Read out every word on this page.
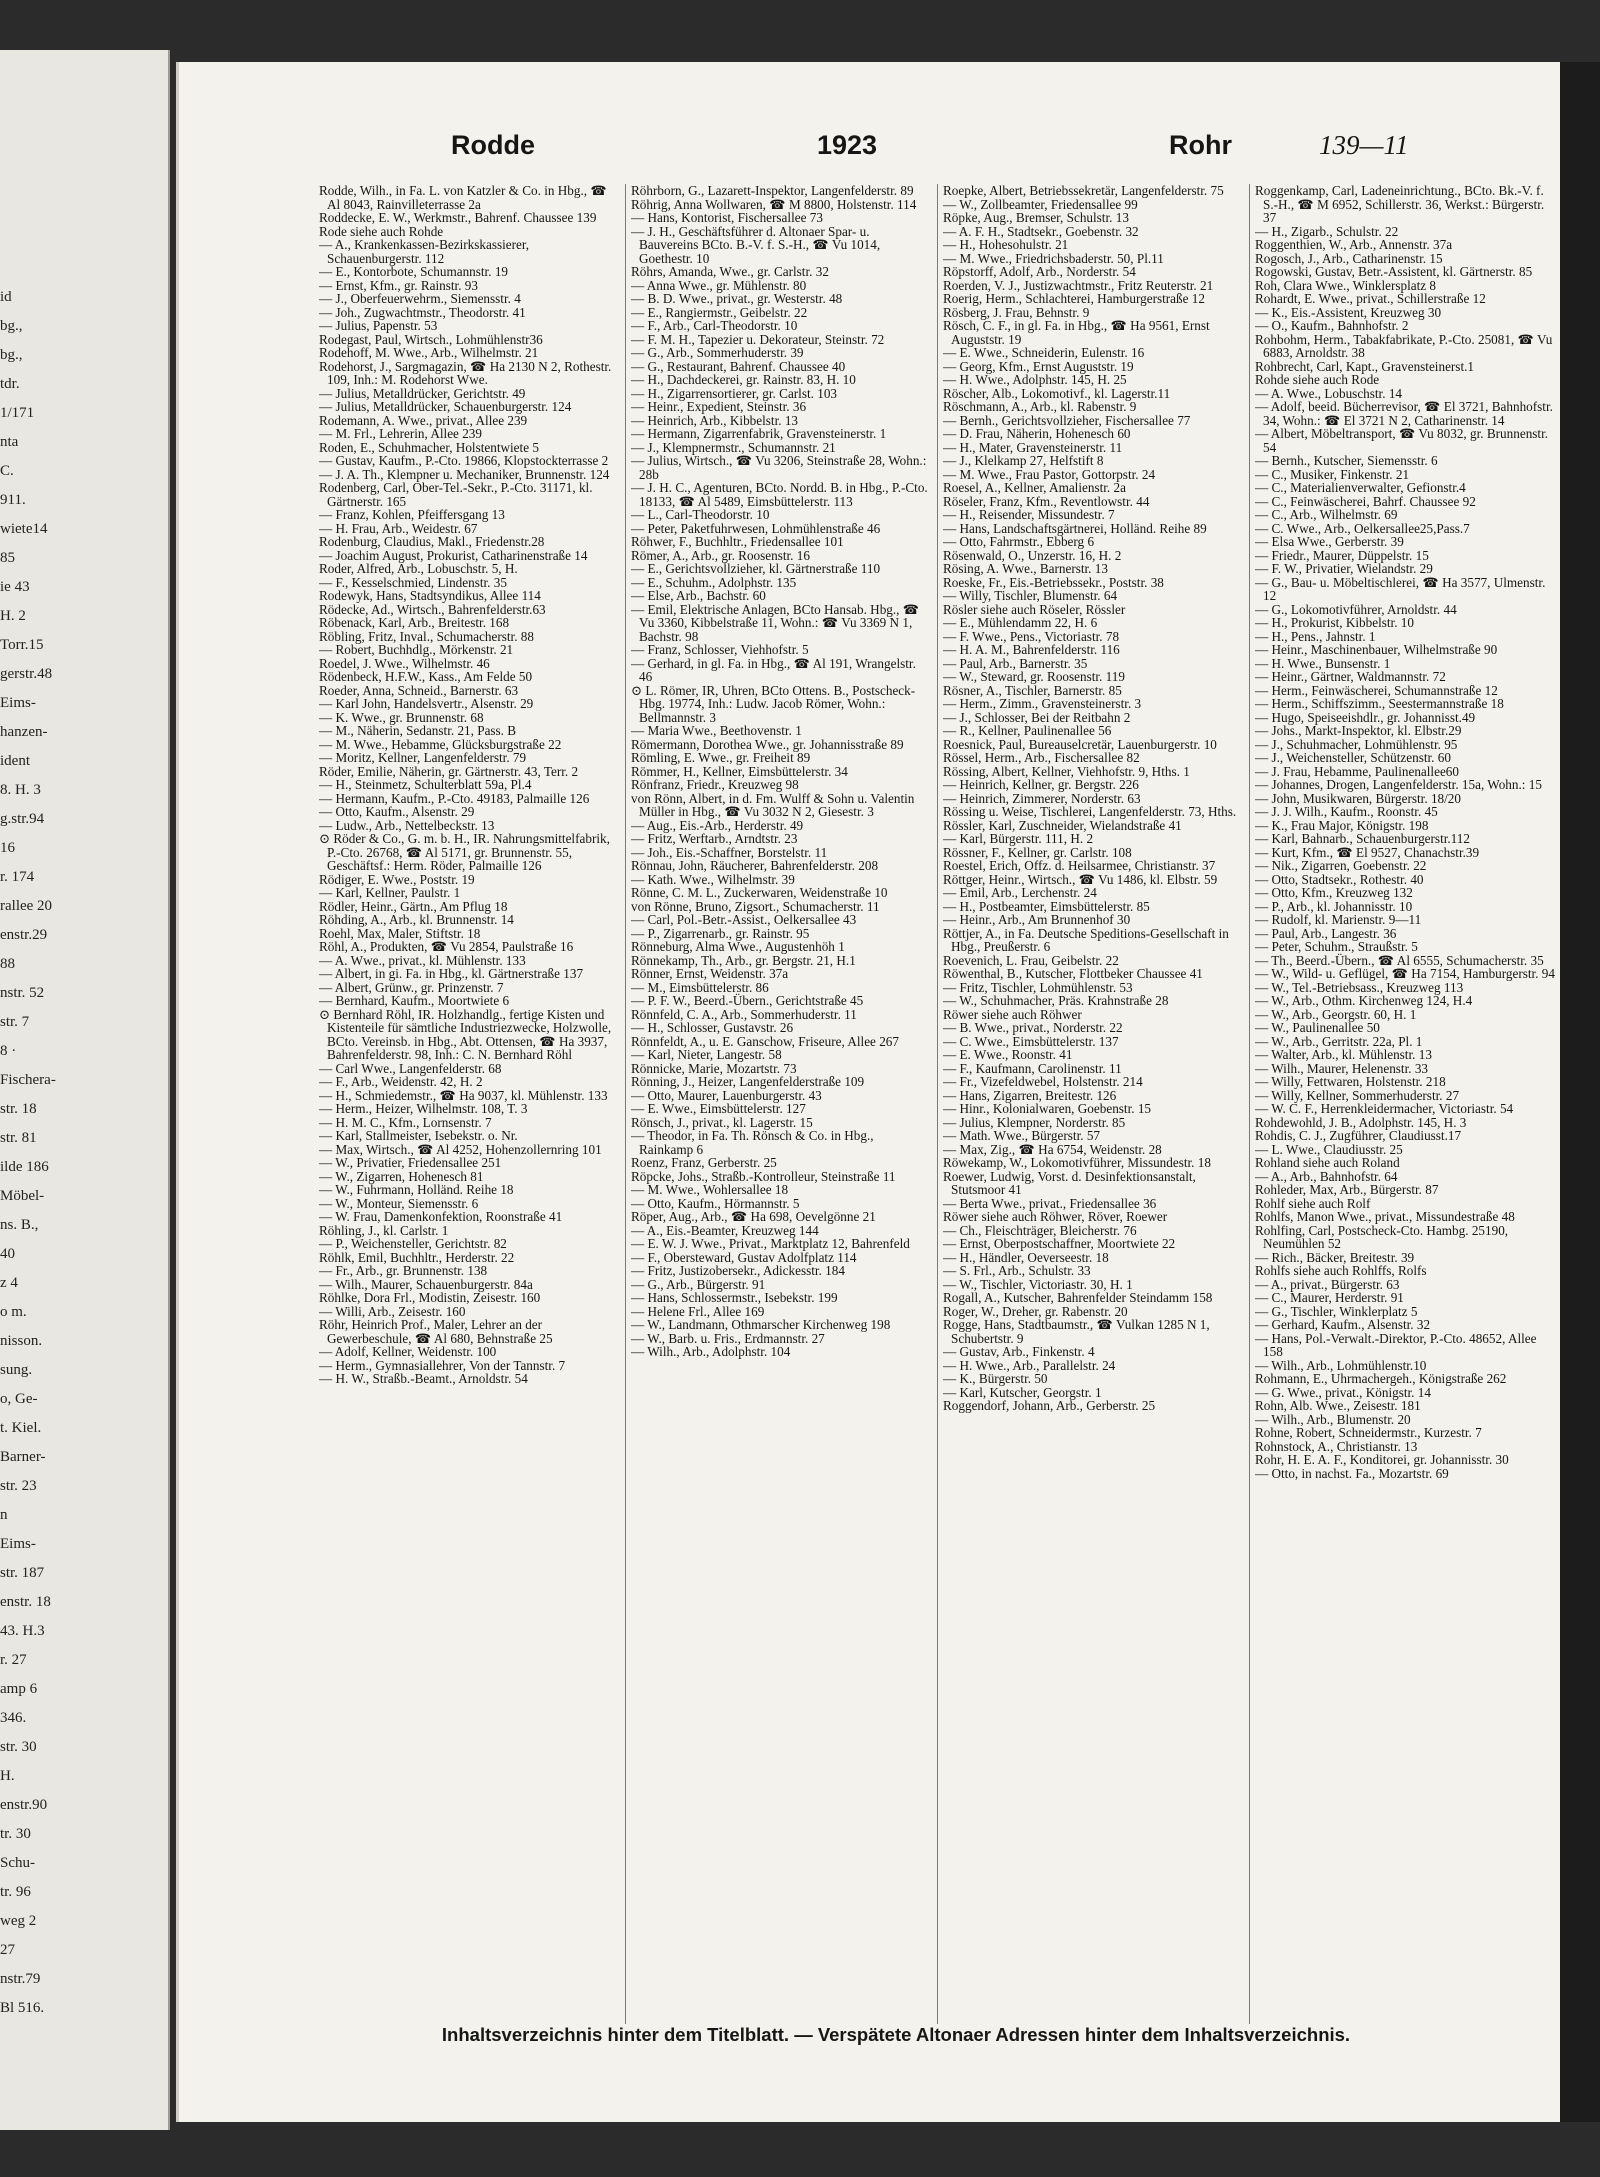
id
bg.,
bg.,
tdr.
1/171
nta
C.
911.
wiete14
85
ie 43
H. 2
Torr.15
gerstr.48
Eims-
hanzen-
ident
8. H. 3
g.str.94
16
r. 174
rallee 20
enstr.29
88
nstr. 52
str. 7
8 ·
Fischera-
str. 18
str. 81
ilde 186
Möbel-
ns. B.,
40
z 4
o m.
nisson.
sung.
o, Ge-
t. Kiel.
Barner-
str. 23
n
Eims-
str. 187
enstr. 18
43. H.3
r. 27
amp 6
346.
str. 30
H.
enstr.90
tr. 30
Schu-
tr. 96
weg 2
27
nstr.79
Bl 516.
Rodde	1923	Rohr	139—11

Rodde, Wilh., in Fa. L. von Katzler & Co. in Hbg., ☎ Al 8043, Rainvilleterrasse 2a

Roddecke, E. W., Werkmstr., Bahrenf. Chaussee 139

Rode siehe auch Rohde

— A., Krankenkassen-Bezirkskassierer, Schauenburgerstr. 112

— E., Kontorbote, Schumannstr. 19

— Ernst, Kfm., gr. Rainstr. 93

— J., Oberfeuerwehrm., Siemensstr. 4

— Joh., Zugwachtmstr., Theodorstr. 41

— Julius, Papenstr. 53

Rodegast, Paul, Wirtsch., Lohmühlenstr36

Rodehoff, M. Wwe., Arb., Wilhelmstr. 21

Rodehorst, J., Sargmagazin, ☎ Ha 2130 N 2, Rothestr. 109, Inh.: M. Rodehorst Wwe.

— Julius, Metalldrücker, Gerichtstr. 49

— Julius, Metalldrücker, Schauenburgerstr. 124

Rodemann, A. Wwe., privat., Allee 239

— M. Frl., Lehrerin, Allee 239

Roden, E., Schuhmacher, Holstentwiete 5

— Gustav, Kaufm., P.-Cto. 19866, Klopstockterrasse 2

— J. A. Th., Klempner u. Mechaniker, Brunnenstr. 124

Rodenberg, Carl, Ober-Tel.-Sekr., P.-Cto. 31171, kl. Gärtnerstr. 165

— Franz, Kohlen, Pfeiffersgang 13

— H. Frau, Arb., Weidestr. 67

Rodenburg, Claudius, Makl., Friedenstr.28

— Joachim August, Prokurist, Catharinenstraße 14

Roder, Alfred, Arb., Lobuschstr. 5, H.

— F., Kesselschmied, Lindenstr. 35

Rodewyk, Hans, Stadtsyndikus, Allee 114

Rödecke, Ad., Wirtsch., Bahrenfelderstr.63

Röbenack, Karl, Arb., Breitestr. 168

Röbling, Fritz, Inval., Schumacherstr. 88

— Robert, Buchhdlg., Mörkenstr. 21

Roedel, J. Wwe., Wilhelmstr. 46

Rödenbeck, H.F.W., Kass., Am Felde 50

Roeder, Anna, Schneid., Barnerstr. 63

— Karl John, Handelsvertr., Alsenstr. 29

— K. Wwe., gr. Brunnenstr. 68

— M., Näherin, Sedanstr. 21, Pass. B

— M. Wwe., Hebamme, Glücksburgstraße 22

— Moritz, Kellner, Langenfelderstr. 79

Röder, Emilie, Näherin, gr. Gärtnerstr. 43, Terr. 2

— H., Steinmetz, Schulterblatt 59a, Pl.4

— Hermann, Kaufm., P.-Cto. 49183, Palmaille 126

— Otto, Kaufm., Alsenstr. 29

— Ludw., Arb., Nettelbeckstr. 13

⊙ Röder & Co., G. m. b. H., IR. Nahrungsmittelfabrik, P.-Cto. 26768, ☎ Al 5171, gr. Brunnenstr. 55, Geschäftsf.: Herm. Röder, Palmaille 126

Rödiger, E. Wwe., Poststr. 19

— Karl, Kellner, Paulstr. 1

Rödler, Heinr., Gärtn., Am Pflug 18

Röhding, A., Arb., kl. Brunnenstr. 14

Roehl, Max, Maler, Stiftstr. 18

Röhl, A., Produkten, ☎ Vu 2854, Paulstraße 16

— A. Wwe., privat., kl. Mühlenstr. 133

— Albert, in gi. Fa. in Hbg., kl. Gärtnerstraße 137

— Albert, Grünw., gr. Prinzenstr. 7

— Bernhard, Kaufm., Moortwiete 6

⊙ Bernhard Röhl, IR. Holzhandlg., fertige Kisten und Kistenteile für sämtliche Industriezwecke, Holzwolle, BCto. Vereinsb. in Hbg., Abt. Ottensen, ☎ Ha 3937, Bahrenfelderstr. 98, Inh.: C. N. Bernhard Röhl

— Carl Wwe., Langenfelderstr. 68

— F., Arb., Weidenstr. 42, H. 2

— H., Schmiedemstr., ☎ Ha 9037, kl. Mühlenstr. 133

— Herm., Heizer, Wilhelmstr. 108, T. 3

— H. M. C., Kfm., Lornsenstr. 7

— Karl, Stallmeister, Isebekstr. o. Nr.

— Max, Wirtsch., ☎ Al 4252, Hohenzollernring 101

— W., Privatier, Friedensallee 251

— W., Zigarren, Hohenesch 81

— W., Fuhrmann, Holländ. Reihe 18

— W., Monteur, Siemensstr. 6

— W. Frau, Damenkonfektion, Roonstraße 41

Röhling, J., kl. Carlstr. 1

— P., Weichensteller, Gerichtstr. 82

Röhlk, Emil, Buchhltr., Herderstr. 22

— Fr., Arb., gr. Brunnenstr. 138

— Wilh., Maurer, Schauenburgerstr. 84a

Röhlke, Dora Frl., Modistin, Zeisestr. 160

— Willi, Arb., Zeisestr. 160

Röhr, Heinrich Prof., Maler, Lehrer an der Gewerbeschule, ☎ Al 680, Behnstraße 25

— Adolf, Kellner, Weidenstr. 100

— Herm., Gymnasiallehrer, Von der Tannstr. 7

— H. W., Straßb.-Beamt., Arnoldstr. 54

Röhrborn, G., Lazarett-Inspektor, Langenfelderstr. 89

Röhrig, Anna Wollwaren, ☎ M 8800, Holstenstr. 114

— Hans, Kontorist, Fischersallee 73

— J. H., Geschäftsführer d. Altonaer Spar- u. Bauvereins BCto. B.-V. f. S.-H., ☎ Vu 1014, Goethestr. 10

Röhrs, Amanda, Wwe., gr. Carlstr. 32

— Anna Wwe., gr. Mühlenstr. 80

— B. D. Wwe., privat., gr. Westerstr. 48

— E., Rangiermstr., Geibelstr. 22

— F., Arb., Carl-Theodorstr. 10

— F. M. H., Tapezier u. Dekorateur, Steinstr. 72

— G., Arb., Sommerhuderstr. 39

— G., Restaurant, Bahrenf. Chaussee 40

— H., Dachdeckerei, gr. Rainstr. 83, H. 10

— H., Zigarrensortierer, gr. Carlst. 103

— Heinr., Expedient, Steinstr. 36

— Heinrich, Arb., Kibbelstr. 13

— Hermann, Zigarrenfabrik, Gravensteinerstr. 1

— J., Klempnermstr., Schumannstr. 21

— Julius, Wirtsch., ☎ Vu 3206, Steinstraße 28, Wohn.: 28b

— J. H. C., Agenturen, BCto. Nordd. B. in Hbg., P.-Cto. 18133, ☎ Al 5489, Eimsbüttelerstr. 113

— L., Carl-Theodorstr. 10

— Peter, Paketfuhrwesen, Lohmühlenstraße 46

Röhwer, F., Buchhltr., Friedensallee 101

Römer, A., Arb., gr. Roosenstr. 16

— E., Gerichtsvollzieher, kl. Gärtnerstraße 110

— E., Schuhm., Adolphstr. 135

— Else, Arb., Bachstr. 60

— Emil, Elektrische Anlagen, BCto Hansab. Hbg., ☎ Vu 3360, Kibbelstraße 11, Wohn.: ☎ Vu 3369 N 1, Bachstr. 98

— Franz, Schlosser, Viehhofstr. 5

— Gerhard, in gl. Fa. in Hbg., ☎ Al 191, Wrangelstr. 46

⊙ L. Römer, IR, Uhren, BCto Ottens. B., Postscheck-Hbg. 19774, Inh.: Ludw. Jacob Römer, Wohn.: Bellmannstr. 3

— Maria Wwe., Beethovenstr. 1

Römermann, Dorothea Wwe., gr. Johannisstraße 89

Römling, E. Wwe., gr. Freiheit 89

Römmer, H., Kellner, Eimsbüttelerstr. 34

Rönfranz, Friedr., Kreuzweg 98

von Rönn, Albert, in d. Fm. Wulff & Sohn u. Valentin Müller in Hbg., ☎ Vu 3032 N 2, Giesestr. 3

— Aug., Eis.-Arb., Herderstr. 49

— Fritz, Werftarb., Arndtstr. 23

— Joh., Eis.-Schaffner, Borstelstr. 11

Rönnau, John, Räucherer, Bahrenfelderstr. 208

— Kath. Wwe., Wilhelmstr. 39

Rönne, C. M. L., Zuckerwaren, Weidenstraße 10

von Rönne, Bruno, Zigsort., Schumacherstr. 11

— Carl, Pol.-Betr.-Assist., Oelkersallee 43

— P., Zigarrenarb., gr. Rainstr. 95

Rönneburg, Alma Wwe., Augustenhöh 1

Rönnekamp, Th., Arb., gr. Bergstr. 21, H.1

Rönner, Ernst, Weidenstr. 37a

— M., Eimsbüttelerstr. 86

— P. F. W., Beerd.-Übern., Gerichtstraße 45

Rönnfeld, C. A., Arb., Sommerhuderstr. 11

— H., Schlosser, Gustavstr. 26

Rönnfeldt, A., u. E. Ganschow, Friseure, Allee 267

— Karl, Nieter, Langestr. 58

Rönnicke, Marie, Mozartstr. 73

Rönning, J., Heizer, Langenfelderstraße 109

— Otto, Maurer, Lauenburgerstr. 43

— E. Wwe., Eimsbüttelerstr. 127

Rönsch, J., privat., kl. Lagerstr. 15

— Theodor, in Fa. Th. Rönsch & Co. in Hbg., Rainkamp 6

Roenz, Franz, Gerberstr. 25

Röpcke, Johs., Straßb.-Kontrolleur, Steinstraße 11

— M. Wwe., Wohlersallee 18

— Otto, Kaufm., Hörmannstr. 5

Röper, Aug., Arb., ☎ Ha 698, Oevelgönne 21

— A., Eis.-Beamter, Kreuzweg 144

— E. W. J. Wwe., Privat., Marktplatz 12, Bahrenfeld

— F., Obersteward, Gustav Adolfplatz 114

— Fritz, Justizobersekr., Adickesstr. 184

— G., Arb., Bürgerstr. 91

— Hans, Schlossermstr., Isebekstr. 199

— Helene Frl., Allee 169

— W., Landmann, Othmarscher Kirchenweg 198

— W., Barb. u. Fris., Erdmannstr. 27

— Wilh., Arb., Adolphstr. 104

Roepke, Albert, Betriebssekretär, Langenfelderstr. 75

— W., Zollbeamter, Friedensallee 99

Röpke, Aug., Bremser, Schulstr. 13

— A. F. H., Stadtsekr., Goebenstr. 32

— H., Hohesohulstr. 21

— M. Wwe., Friedrichsbaderstr. 50, Pl.11

Röpstorff, Adolf, Arb., Norderstr. 54

Roerden, V. J., Justizwachtmstr., Fritz Reuterstr. 21

Roerig, Herm., Schlachterei, Hamburgerstraße 12

Rösberg, J. Frau, Behnstr. 9

Rösch, C. F., in gl. Fa. in Hbg., ☎ Ha 9561, Ernst Auguststr. 19

— E. Wwe., Schneiderin, Eulenstr. 16

— Georg, Kfm., Ernst Auguststr. 19

— H. Wwe., Adolphstr. 145, H. 25

Röscher, Alb., Lokomotivf., kl. Lagerstr.11

Röschmann, A., Arb., kl. Rabenstr. 9

— Bernh., Gerichtsvollzieher, Fischersallee 77

— D. Frau, Näherin, Hohenesch 60

— H., Mater, Gravensteinerstr. 11

— J., Klelkamp 27, Helfstift 8

— M. Wwe., Frau Pastor, Gottorpstr. 24

Roesel, A., Kellner, Amalienstr. 2a

Röseler, Franz, Kfm., Reventlowstr. 44

— H., Reisender, Missundestr. 7

— Hans, Landschaftsgärtnerei, Holländ. Reihe 89

— Otto, Fahrmstr., Ebberg 6

Rösenwald, O., Unzerstr. 16, H. 2

Rösing, A. Wwe., Barnerstr. 13

Roeske, Fr., Eis.-Betriebssekr., Poststr. 38

— Willy, Tischler, Blumenstr. 64

Rösler siehe auch Röseler, Rössler

— E., Mühlendamm 22, H. 6

— F. Wwe., Pens., Victoriastr. 78

— H. A. M., Bahrenfelderstr. 116

— Paul, Arb., Barnerstr. 35

— W., Steward, gr. Roosenstr. 119

Rösner, A., Tischler, Barnerstr. 85

— Herm., Zimm., Gravensteinerstr. 3

— J., Schlosser, Bei der Reitbahn 2

— R., Kellner, Paulinenallee 56

Roesnick, Paul, Bureauselcretär, Lauenburgerstr. 10

Rössel, Herm., Arb., Fischersallee 82

Rössing, Albert, Kellner, Viehhofstr. 9, Hths. 1

— Heinrich, Kellner, gr. Bergstr. 226

— Heinrich, Zimmerer, Norderstr. 63

Rössing u. Weise, Tischlerei, Langenfelderstr. 73, Hths.

Rössler, Karl, Zuschneider, Wielandstraße 41

— Karl, Bürgerstr. 111, H. 2

Rössner, F., Kellner, gr. Carlstr. 108

Roestel, Erich, Offz. d. Heilsarmee, Christianstr. 37

Röttger, Heinr., Wirtsch., ☎ Vu 1486, kl. Elbstr. 59

— Emil, Arb., Lerchenstr. 24

— H., Postbeamter, Eimsbüttelerstr. 85

— Heinr., Arb., Am Brunnenhof 30

Röttjer, A., in Fa. Deutsche Speditions-Gesellschaft in Hbg., Preußerstr. 6

Roevenich, L. Frau, Geibelstr. 22

Röwenthal, B., Kutscher, Flottbeker Chaussee 41

— Fritz, Tischler, Lohmühlenstr. 53

— W., Schuhmacher, Präs. Krahnstraße 28

Röwer siehe auch Röhwer

— B. Wwe., privat., Norderstr. 22

— C. Wwe., Eimsbüttelerstr. 137

— E. Wwe., Roonstr. 41

— F., Kaufmann, Carolinenstr. 11

— Fr., Vizefeldwebel, Holstenstr. 214

— Hans, Zigarren, Breitestr. 126

— Hinr., Kolonialwaren, Goebenstr. 15

— Julius, Klempner, Norderstr. 85

— Math. Wwe., Bürgerstr. 57

— Max, Zig., ☎ Ha 6754, Weidenstr. 28

Röwekamp, W., Lokomotivführer, Missundestr. 18

Roewer, Ludwig, Vorst. d. Desinfektionsanstalt, Stutsmoor 41

— Berta Wwe., privat., Friedensallee 36

Röwer siehe auch Röhwer, Röver, Roewer

— Ch., Fleischträger, Bleicherstr. 76

— Ernst, Oberpostschaffner, Moortwiete 22

— H., Händler, Oeverseestr. 18

— S. Frl., Arb., Schulstr. 33

— W., Tischler, Victoriastr. 30, H. 1

Rogall, A., Kutscher, Bahrenfelder Steindamm 158

Roger, W., Dreher, gr. Rabenstr. 20

Rogge, Hans, Stadtbaumstr., ☎ Vulkan 1285 N 1, Schubertstr. 9

— Gustav, Arb., Finkenstr. 4

— H. Wwe., Arb., Parallelstr. 24

— K., Bürgerstr. 50

— Karl, Kutscher, Georgstr. 1

Roggendorf, Johann, Arb., Gerberstr. 25

Roggenkamp, Carl, Ladeneinrichtung., BCto. Bk.-V. f. S.-H., ☎ M 6952, Schillerstr. 36, Werkst.: Bürgerstr. 37

— H., Zigarb., Schulstr. 22

Roggenthien, W., Arb., Annenstr. 37a

Rogosch, J., Arb., Catharinenstr. 15

Rogowski, Gustav, Betr.-Assistent, kl. Gärtnerstr. 85

Roh, Clara Wwe., Winklersplatz 8

Rohardt, E. Wwe., privat., Schillerstraße 12

— K., Eis.-Assistent, Kreuzweg 30

— O., Kaufm., Bahnhofstr. 2

Rohbohm, Herm., Tabakfabrikate, P.-Cto. 25081, ☎ Vu 6883, Arnoldstr. 38

Rohbrecht, Carl, Kapt., Gravensteinerst.1

Rohde siehe auch Rode

— A. Wwe., Lobuschstr. 14

— Adolf, beeid. Bücherrevisor, ☎ El 3721, Bahnhofstr. 34, Wohn.: ☎ El 3721 N 2, Catharinenstr. 14

— Albert, Möbeltransport, ☎ Vu 8032, gr. Brunnenstr. 54

— Bernh., Kutscher, Siemensstr. 6

— C., Musiker, Finkenstr. 21

— C., Materialienverwalter, Gefionstr.4

— C., Feinwäscherei, Bahrf. Chaussee 92

— C., Arb., Wilhelmstr. 69

— C. Wwe., Arb., Oelkersallee25,Pass.7

— Elsa Wwe., Gerberstr. 39

— Friedr., Maurer, Düppelstr. 15

— F. W., Privatier, Wielandstr. 29

— G., Bau- u. Möbeltischlerei, ☎ Ha 3577, Ulmenstr. 12

— G., Lokomotivführer, Arnoldstr. 44

— H., Prokurist, Kibbelstr. 10

— H., Pens., Jahnstr. 1

— Heinr., Maschinenbauer, Wilhelmstraße 90

— H. Wwe., Bunsenstr. 1

— Heinr., Gärtner, Waldmannstr. 72

— Herm., Feinwäscherei, Schumannstraße 12

— Herm., Schiffszimm., Seestermannstraße 18

— Hugo, Speiseeishdlr., gr. Johannisst.49

— Johs., Markt-Inspektor, kl. Elbstr.29

— J., Schuhmacher, Lohmühlenstr. 95

— J., Weichensteller, Schützenstr. 60

— J. Frau, Hebamme, Paulinenallee60

— Johannes, Drogen, Langenfelderstr. 15a, Wohn.: 15

— John, Musikwaren, Bürgerstr. 18/20

— J. J. Wilh., Kaufm., Roonstr. 45

— K., Frau Major, Königstr. 198

— Karl, Bahnarb., Schauenburgerstr.112

— Kurt, Kfm., ☎ El 9527, Chanachstr.39

— Nik., Zigarren, Goebenstr. 22

— Otto, Stadtsekr., Rothestr. 40

— Otto, Kfm., Kreuzweg 132

— P., Arb., kl. Johannisstr. 10

— Rudolf, kl. Marienstr. 9—11

— Paul, Arb., Langestr. 36

— Peter, Schuhm., Straußstr. 5

— Th., Beerd.-Übern., ☎ Al 6555, Schumacherstr. 35

— W., Wild- u. Geflügel, ☎ Ha 7154, Hamburgerstr. 94

— W., Tel.-Betriebsass., Kreuzweg 113

— W., Arb., Othm. Kirchenweg 124, H.4

— W., Arb., Georgstr. 60, H. 1

— W., Paulinenallee 50

— W., Arb., Gerritstr. 22a, Pl. 1

— Walter, Arb., kl. Mühlenstr. 13

— Wilh., Maurer, Helenenstr. 33

— Willy, Fettwaren, Holstenstr. 218

— Willy, Kellner, Sommerhuderstr. 27

— W. C. F., Herrenkleidermacher, Victoriastr. 54

Rohdewohld, J. B., Adolphstr. 145, H. 3

Rohdis, C. J., Zugführer, Claudiusst.17

— L. Wwe., Claudiusstr. 25

Rohland siehe auch Roland

— A., Arb., Bahnhofstr. 64

Rohleder, Max, Arb., Bürgerstr. 87

Rohlf siehe auch Rolf

Rohlfs, Manon Wwe., privat., Missundestraße 48

Rohlfing, Carl, Postscheck-Cto. Hambg. 25190, Neumühlen 52

— Rich., Bäcker, Breitestr. 39

Rohlfs siehe auch Rohlffs, Rolfs

— A., privat., Bürgerstr. 63

— C., Maurer, Herderstr. 91

— G., Tischler, Winklerplatz 5

— Gerhard, Kaufm., Alsenstr. 32

— Hans, Pol.-Verwalt.-Direktor, P.-Cto. 48652, Allee 158

— Wilh., Arb., Lohmühlenstr.10

Rohmann, E., Uhrmachergeh., Königstraße 262

— G. Wwe., privat., Königstr. 14

Rohn, Alb. Wwe., Zeisestr. 181

— Wilh., Arb., Blumenstr. 20

Rohne, Robert, Schneidermstr., Kurzestr. 7

Rohnstock, A., Christianstr. 13

Rohr, H. E. A. F., Konditorei, gr. Johannisstr. 30

— Otto, in nachst. Fa., Mozartstr. 69

Inhaltsverzeichnis hinter dem Titelblatt. — Verspätete Altonaer Adressen hinter dem Inhaltsverzeichnis.
